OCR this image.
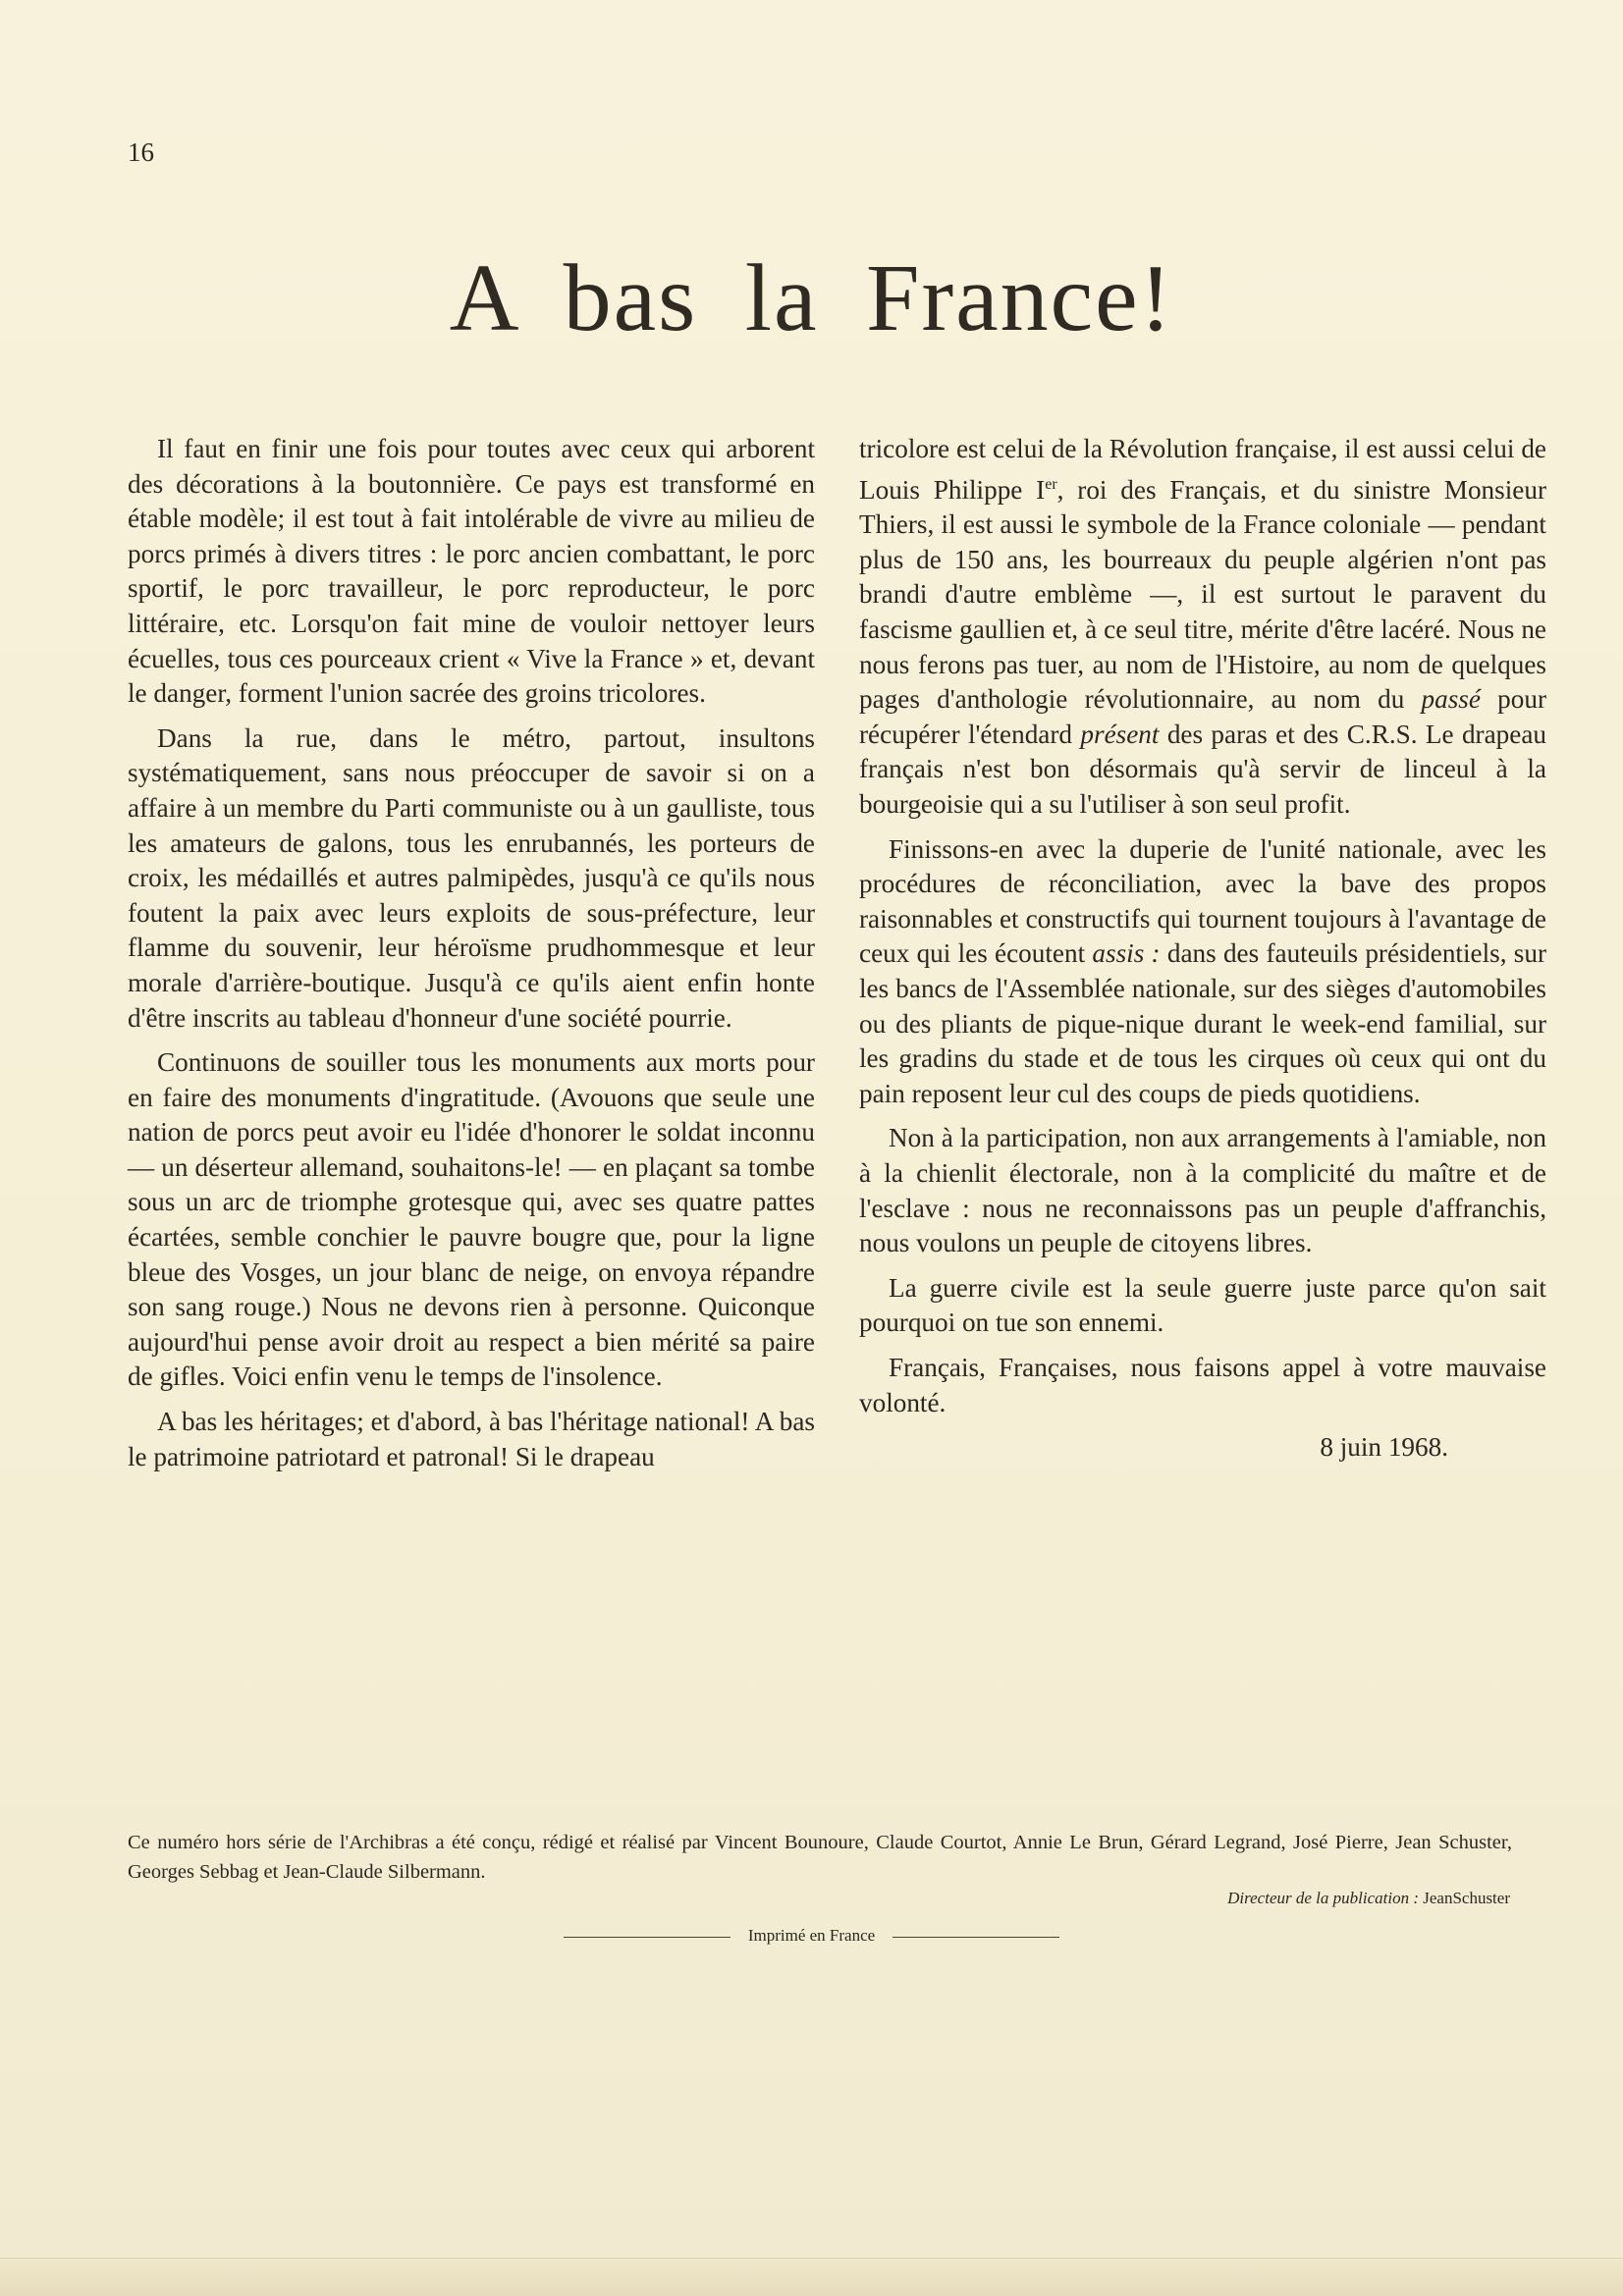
16
A bas la France!

Il faut en finir une fois pour toutes avec ceux qui arborent des décorations à la boutonnière. Ce pays est transformé en étable modèle; il est tout à fait intolérable de vivre au milieu de porcs primés à divers titres : le porc ancien combattant, le porc sportif, le porc travailleur, le porc reproducteur, le porc littéraire, etc. Lorsqu'on fait mine de vouloir nettoyer leurs écuelles, tous ces pourceaux crient « Vive la France » et, devant le danger, forment l'union sacrée des groins tricolores.

Dans la rue, dans le métro, partout, insultons systématiquement, sans nous préoccuper de savoir si on a affaire à un membre du Parti communiste ou à un gaulliste, tous les amateurs de galons, tous les enrubannés, les porteurs de croix, les médaillés et autres palmipèdes, jusqu'à ce qu'ils nous foutent la paix avec leurs exploits de sous-préfecture, leur flamme du souvenir, leur héroïsme prudhommesque et leur morale d'arrière-boutique. Jusqu'à ce qu'ils aient enfin honte d'être inscrits au tableau d'honneur d'une société pourrie.

Continuons de souiller tous les monuments aux morts pour en faire des monuments d'ingratitude. (Avouons que seule une nation de porcs peut avoir eu l'idée d'honorer le soldat inconnu — un déserteur allemand, souhaitons-le! — en plaçant sa tombe sous un arc de triomphe grotesque qui, avec ses quatre pattes écartées, semble conchier le pauvre bougre que, pour la ligne bleue des Vosges, un jour blanc de neige, on envoya répandre son sang rouge.) Nous ne devons rien à personne. Quiconque aujourd'hui pense avoir droit au respect a bien mérité sa paire de gifles. Voici enfin venu le temps de l'insolence.

A bas les héritages; et d'abord, à bas l'héritage national! A bas le patrimoine patriotard et patronal! Si le drapeau

tricolore est celui de la Révolution française, il est aussi celui de Louis Philippe Ier, roi des Français, et du sinistre Monsieur Thiers, il est aussi le symbole de la France coloniale — pendant plus de 150 ans, les bourreaux du peuple algérien n'ont pas brandi d'autre emblème —, il est surtout le paravent du fascisme gaullien et, à ce seul titre, mérite d'être lacéré. Nous ne nous ferons pas tuer, au nom de l'Histoire, au nom de quelques pages d'anthologie révolutionnaire, au nom du passé pour récupérer l'étendard présent des paras et des C.R.S. Le drapeau français n'est bon désormais qu'à servir de linceul à la bourgeoisie qui a su l'utiliser à son seul profit.

Finissons-en avec la duperie de l'unité nationale, avec les procédures de réconciliation, avec la bave des propos raisonnables et constructifs qui tournent toujours à l'avantage de ceux qui les écoutent assis : dans des fauteuils présidentiels, sur les bancs de l'Assemblée nationale, sur des sièges d'automobiles ou des pliants de pique-nique durant le week-end familial, sur les gradins du stade et de tous les cirques où ceux qui ont du pain reposent leur cul des coups de pieds quotidiens.

Non à la participation, non aux arrangements à l'amiable, non à la chienlit électorale, non à la complicité du maître et de l'esclave : nous ne reconnaissons pas un peuple d'affranchis, nous voulons un peuple de citoyens libres.

La guerre civile est la seule guerre juste parce qu'on sait pourquoi on tue son ennemi.

Français, Françaises, nous faisons appel à votre mauvaise volonté.

8 juin 1968.

Ce numéro hors série de l'Archibras a été conçu, rédigé et réalisé par Vincent Bounoure, Claude Courtot, Annie Le Brun, Gérard Legrand, José Pierre, Jean Schuster, Georges Sebbag et Jean-Claude Silbermann.
Directeur de la publication : JeanSchuster
Imprimé en France
